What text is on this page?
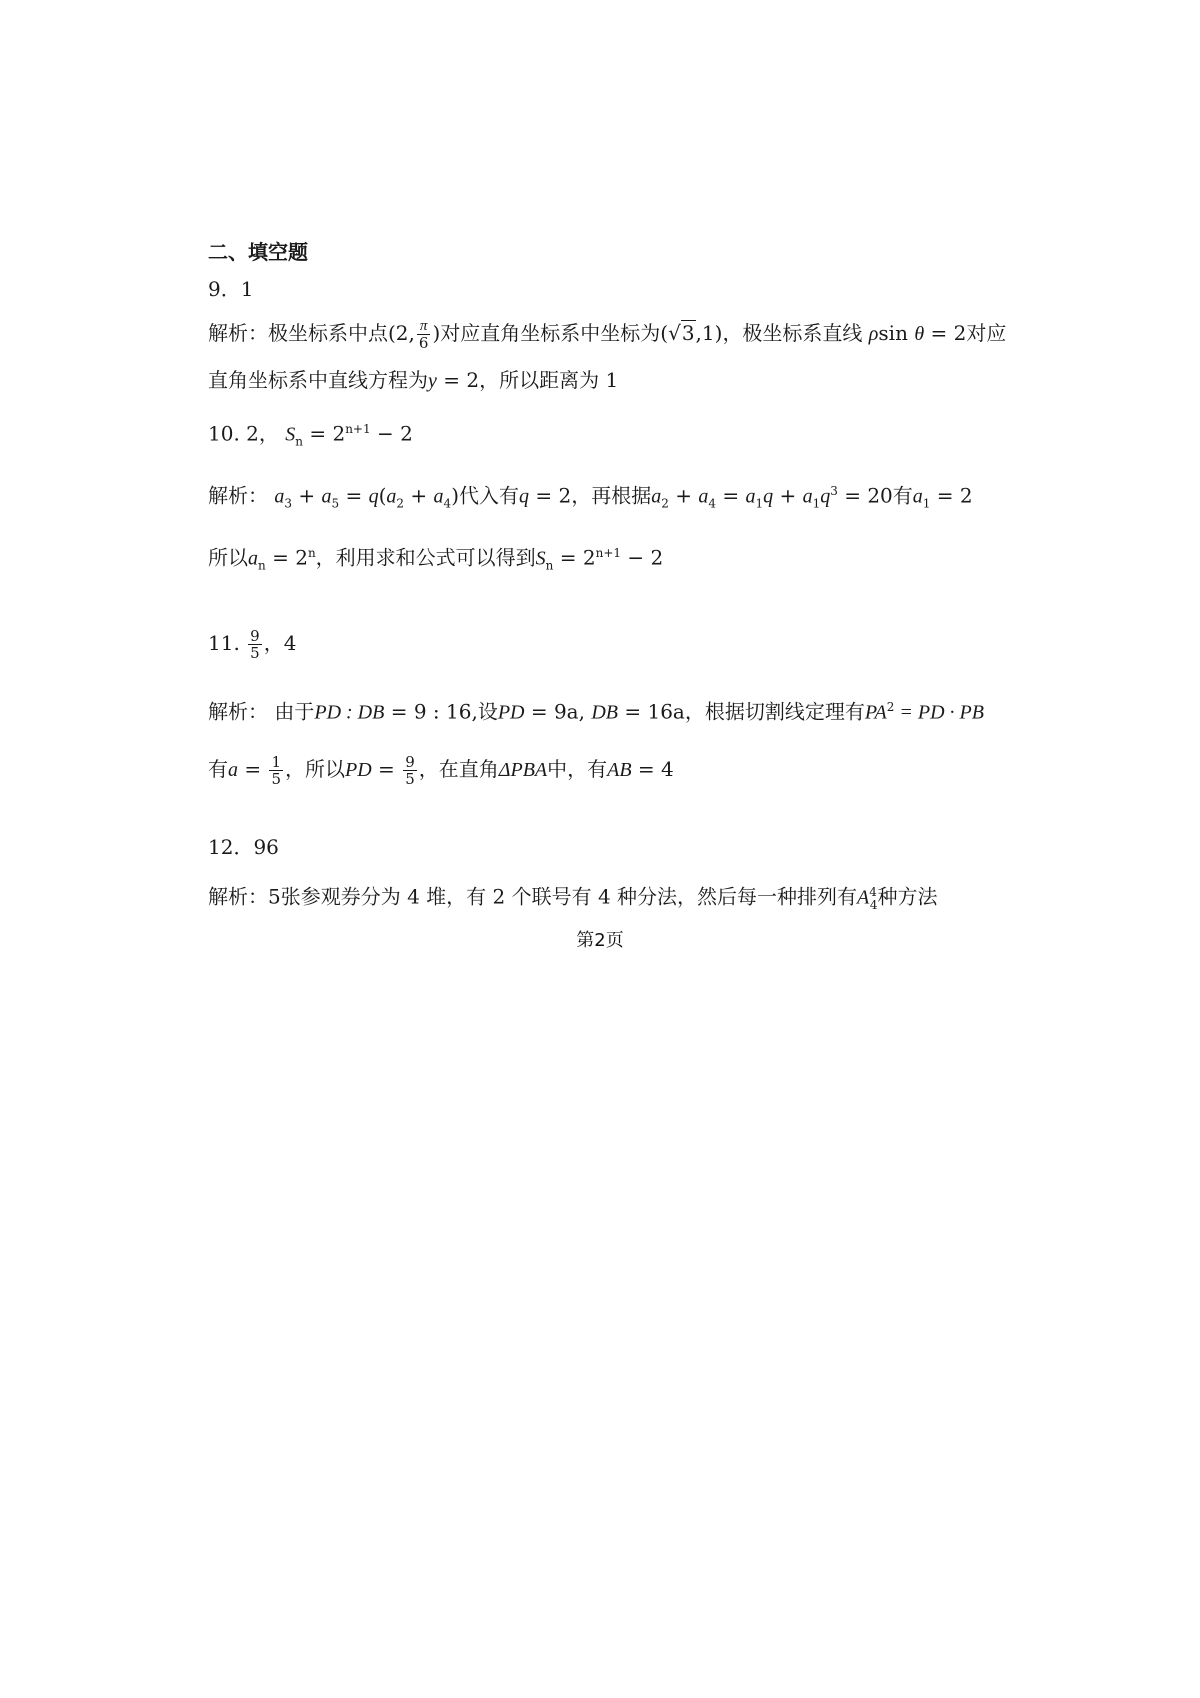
二、填空题
9．1
解析：极坐标系中点(2, $\frac{\pi}{6}$ )对应直角坐标系中坐标为(√3,1)，极坐标系直线 ρsin θ = 2对应
直角坐标系中直线方程为y = 2，所以距离为 1
10. 2， $S_n = 2^{n+1} - 2$
解析： $a_3 + a_5 = q(a_2 + a_4)$代入有q = 2，再根据$a_2 + a_4 = a_1q + a_1q^3 = 20$有$a_1 = 2$
所以$a_n = 2^n$，利用求和公式可以得到$S_n = 2^{n+1} - 2$
11. $\frac{9}{5}$ ，4
解析： 由于PD : DB = 9 : 16,设PD = 9a, DB = 16a，根据切割线定理有$PA^2$ = PD · PB
有$a = \frac{1}{5}$ ，所以PD = $\frac{9}{5}$ ，在直角ΔPBA中，有AB = 4
12．96
解析：5张参观券分为 4 堆，有 2 个联号有 4 种分法，然后每一种排列有$A^4_4$种方法
第2页
